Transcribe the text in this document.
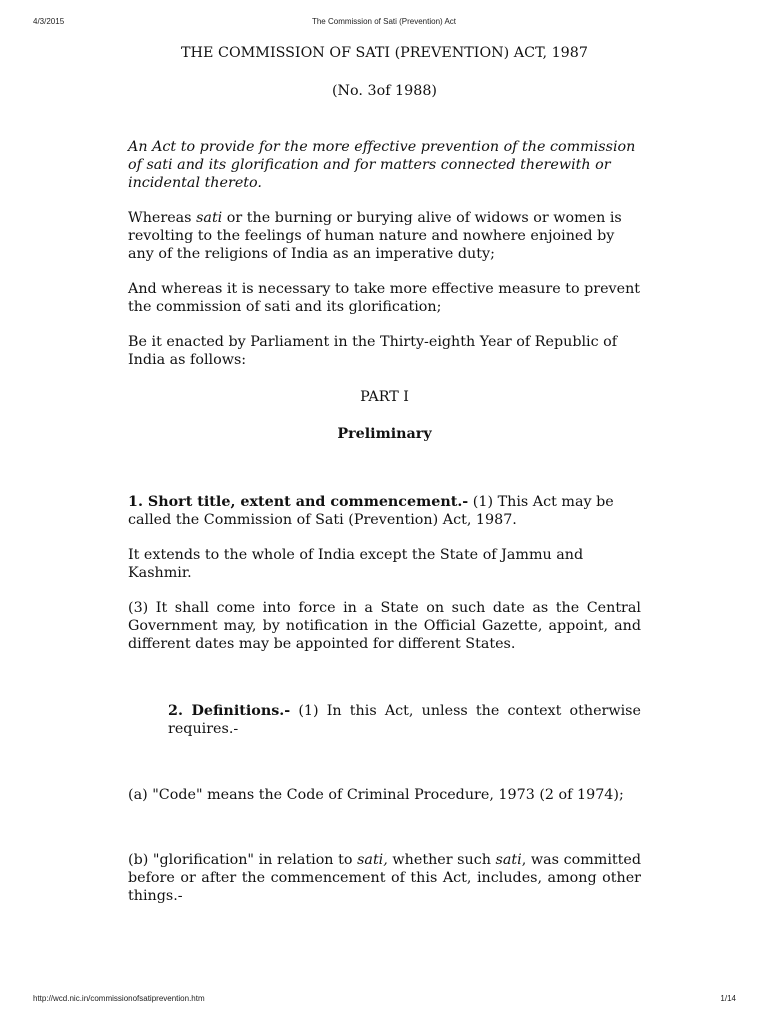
4/3/2015	The Commission of Sati (Prevention) Act

THE COMMISSION OF SATI (PREVENTION) ACT, 1987

(No. 3of 1988)

An Act to provide for the more effective prevention of the commission of sati and its glorification and for matters connected therewith or incidental thereto.

Whereas sati or the burning or burying alive of widows or women is revolting to the feelings of human nature and nowhere enjoined by any of the religions of India as an imperative duty;

And whereas it is necessary to take more effective measure to prevent the commission of sati and its glorification;

Be it enacted by Parliament in the Thirty-eighth Year of Republic of India as follows:

PART I

Preliminary

1. Short title, extent and commencement.- (1) This Act may be called the Commission of Sati (Prevention) Act, 1987.

It extends to the whole of India except the State of Jammu and Kashmir.

(3) It shall come into force in a State on such date as the Central Government may, by notification in the Official Gazette, appoint, and different dates may be appointed for different States.

2. Definitions.- (1) In this Act, unless the context otherwise requires.-

(a) "Code" means the Code of Criminal Procedure, 1973 (2 of 1974);

(b) "glorification" in relation to sati, whether such sati, was committed before or after the commencement of this Act, includes, among other things.-

http://wcd.nic.in/commissionofsatiprevention.htm	1/14
